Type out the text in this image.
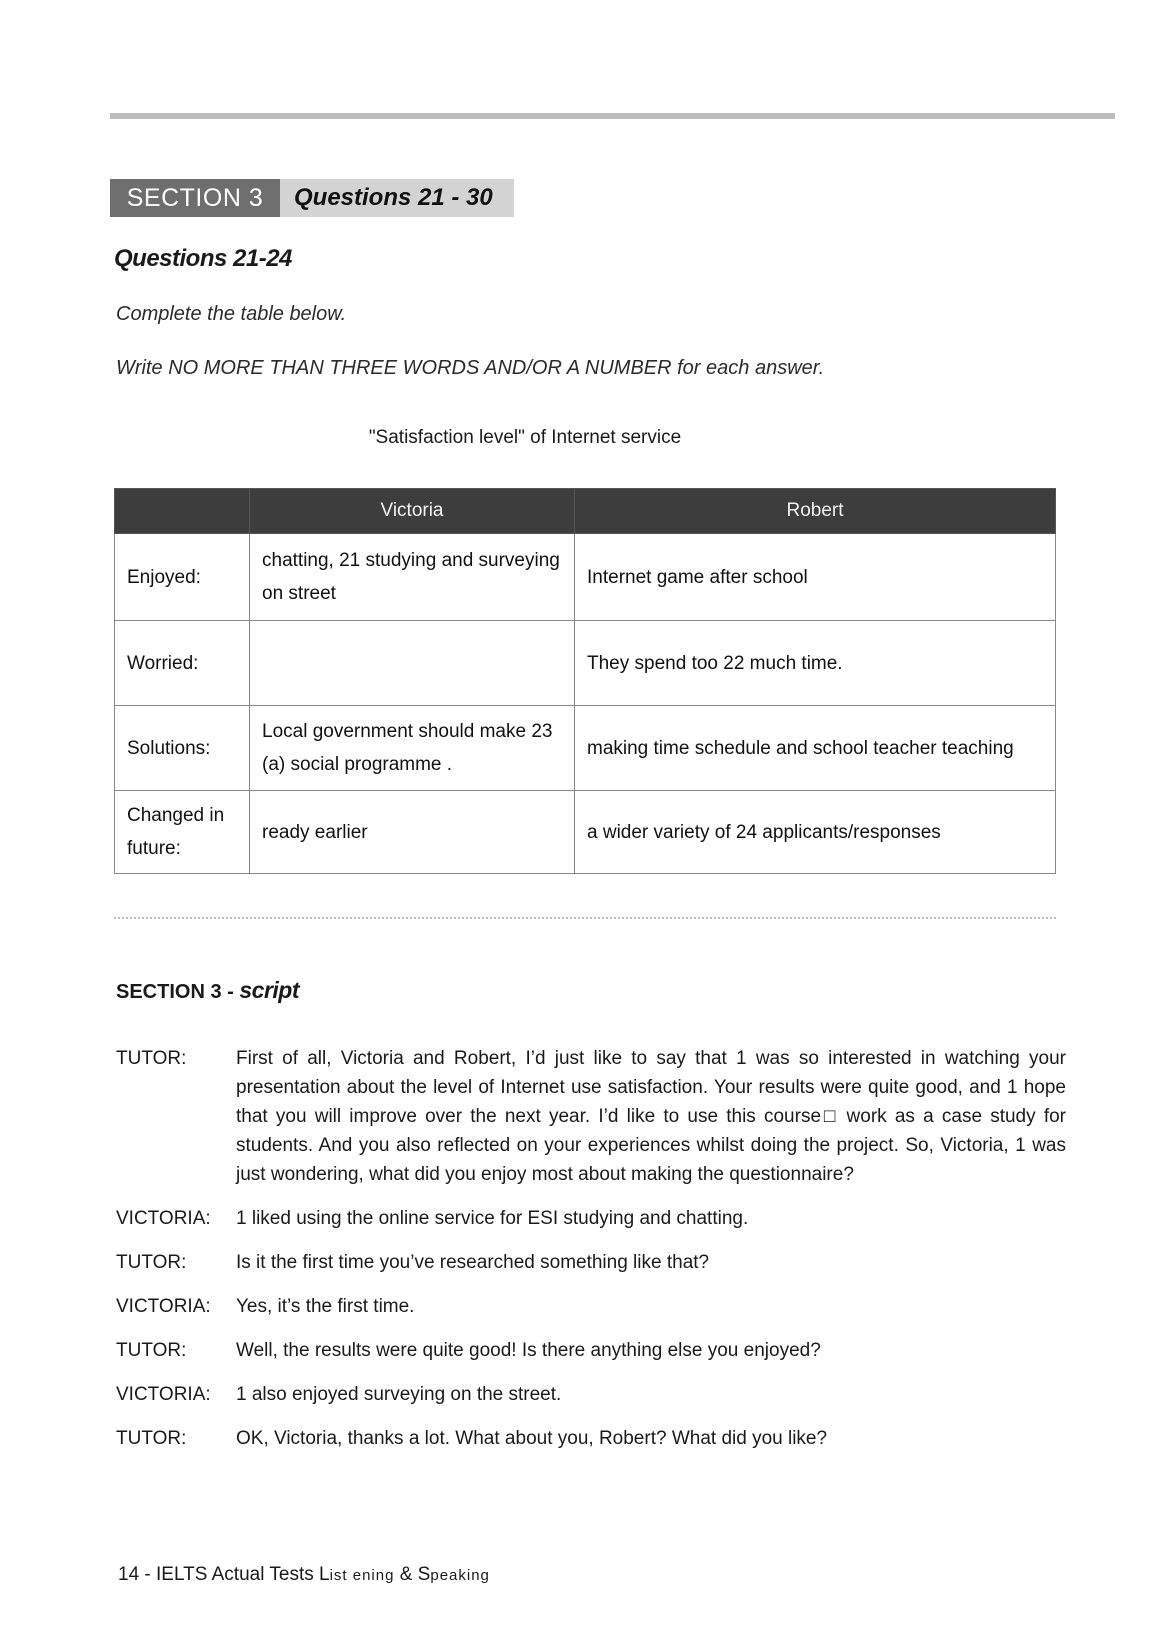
SECTION 3	Questions 21 - 30
Questions 21-24
Complete the table below.
Write NO MORE THAN THREE WORDS AND/OR A NUMBER for each answer.
"Satisfaction level" of Internet service
	Victoria	Robert
Enjoyed:	chatting, 21 studying and surveying on street	Internet game after school
Worried:		They spend too 22 much time.
Solutions:	Local government should make 23 (a) social programme .	making time schedule and school teacher teaching
Changed in future:	ready earlier	a wider variety of 24 applicants/responses
SECTION 3 - script
TUTOR:	First of all, Victoria and Robert, I’d just like to say that 1 was so interested in watching your presentation about the level of Internet use satisfaction. Your results were quite good, and 1 hope that you will improve over the next year. I’d like to use this course□ work as a case study for students. And you also reflected on your experiences whilst doing the project. So, Victoria, 1 was just wondering, what did you enjoy most about making the questionnaire?
VICTORIA:	1 liked using the online service for ESI studying and chatting.
TUTOR:	Is it the first time you’ve researched something like that?
VICTORIA:	Yes, it’s the first time.
TUTOR:	Well, the results were quite good! Is there anything else you enjoyed?
VICTORIA:	1 also enjoyed surveying on the street.
TUTOR:	OK, Victoria, thanks a lot. What about you, Robert? What did you like?
14 - IELTS Actual Tests List ening & Speaking
